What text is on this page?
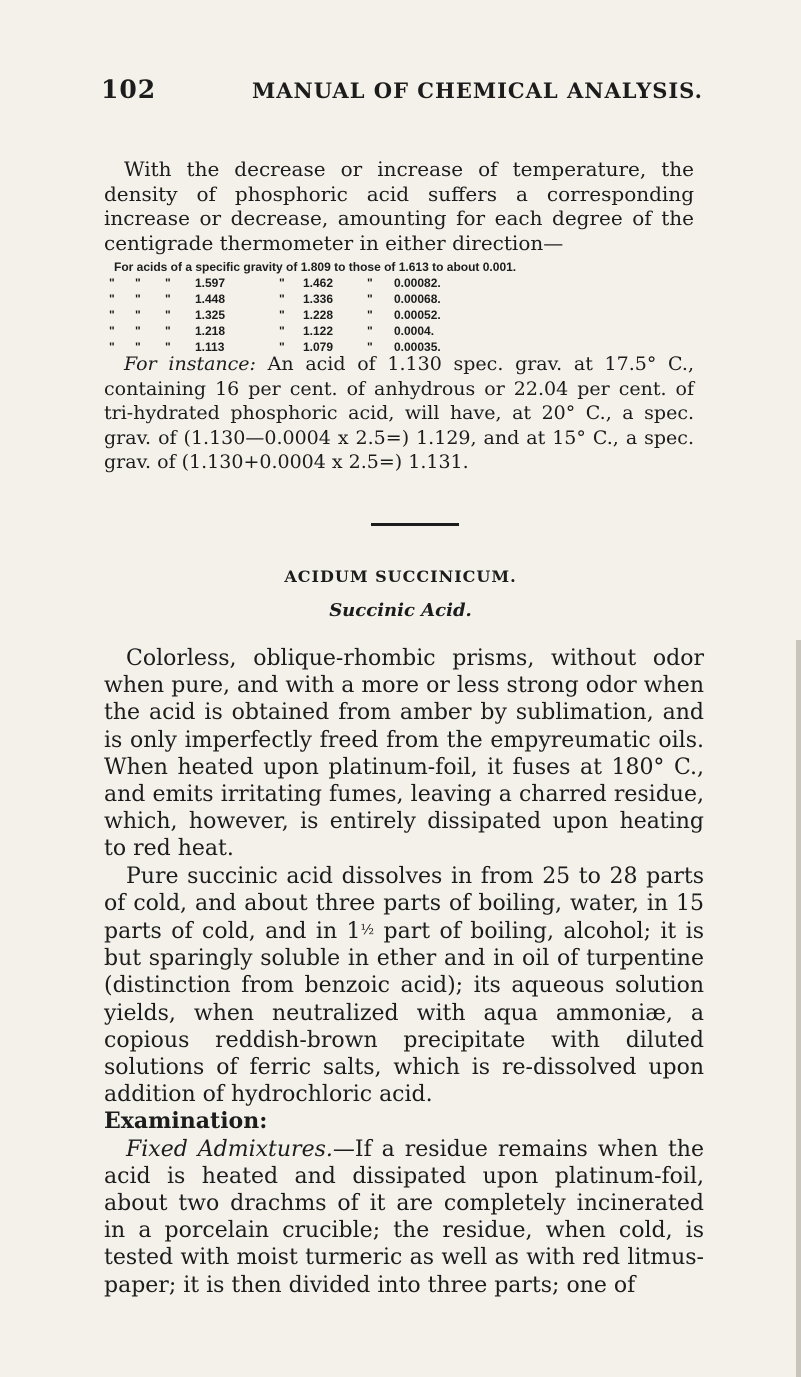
102	MANUAL OF CHEMICAL ANALYSIS.

With the decrease or increase of temperature, the density of phosphoric acid suffers a corresponding increase or decrease, amounting for each degree of the centigrade thermometer in either direction—

For acids of a specific gravity of 1.809 to those of 1.613 to about 0.001.
" " " 1.597	" 1.462	" 0.00082.
" " " 1.448	" 1.336	" 0.00068.
" " " 1.325	" 1.228	" 0.00052.
" " " 1.218	" 1.122	" 0.0004.
" " " 1.113	" 1.079	" 0.00035.

For instance: An acid of 1.130 spec. grav. at 17.5° C., containing 16 per cent. of anhydrous or 22.04 per cent. of tri-hydrated phosphoric acid, will have, at 20° C., a spec. grav. of (1.130—0.0004 x 2.5=) 1.129, and at 15° C., a spec. grav. of (1.130+0.0004 x 2.5=) 1.131.

ACIDUM SUCCINICUM.
Succinic Acid.

Colorless, oblique-rhombic prisms, without odor when pure, and with a more or less strong odor when the acid is obtained from amber by sublimation, and is only imperfectly freed from the empyreumatic oils. When heated upon platinum-foil, it fuses at 180° C., and emits irritating fumes, leaving a charred residue, which, however, is entirely dissipated upon heating to red heat.

Pure succinic acid dissolves in from 25 to 28 parts of cold, and about three parts of boiling, water, in 15 parts of cold, and in 1½ part of boiling, alcohol; it is but sparingly soluble in ether and in oil of turpentine (distinction from benzoic acid); its aqueous solution yields, when neutralized with aqua ammoniæ, a copious reddish-brown precipitate with diluted solutions of ferric salts, which is re-dissolved upon addition of hydrochloric acid.

Examination:

Fixed Admixtures.—If a residue remains when the acid is heated and dissipated upon platinum-foil, about two drachms of it are completely incinerated in a porcelain crucible; the residue, when cold, is tested with moist turmeric as well as with red litmus-paper; it is then divided into three parts; one of
